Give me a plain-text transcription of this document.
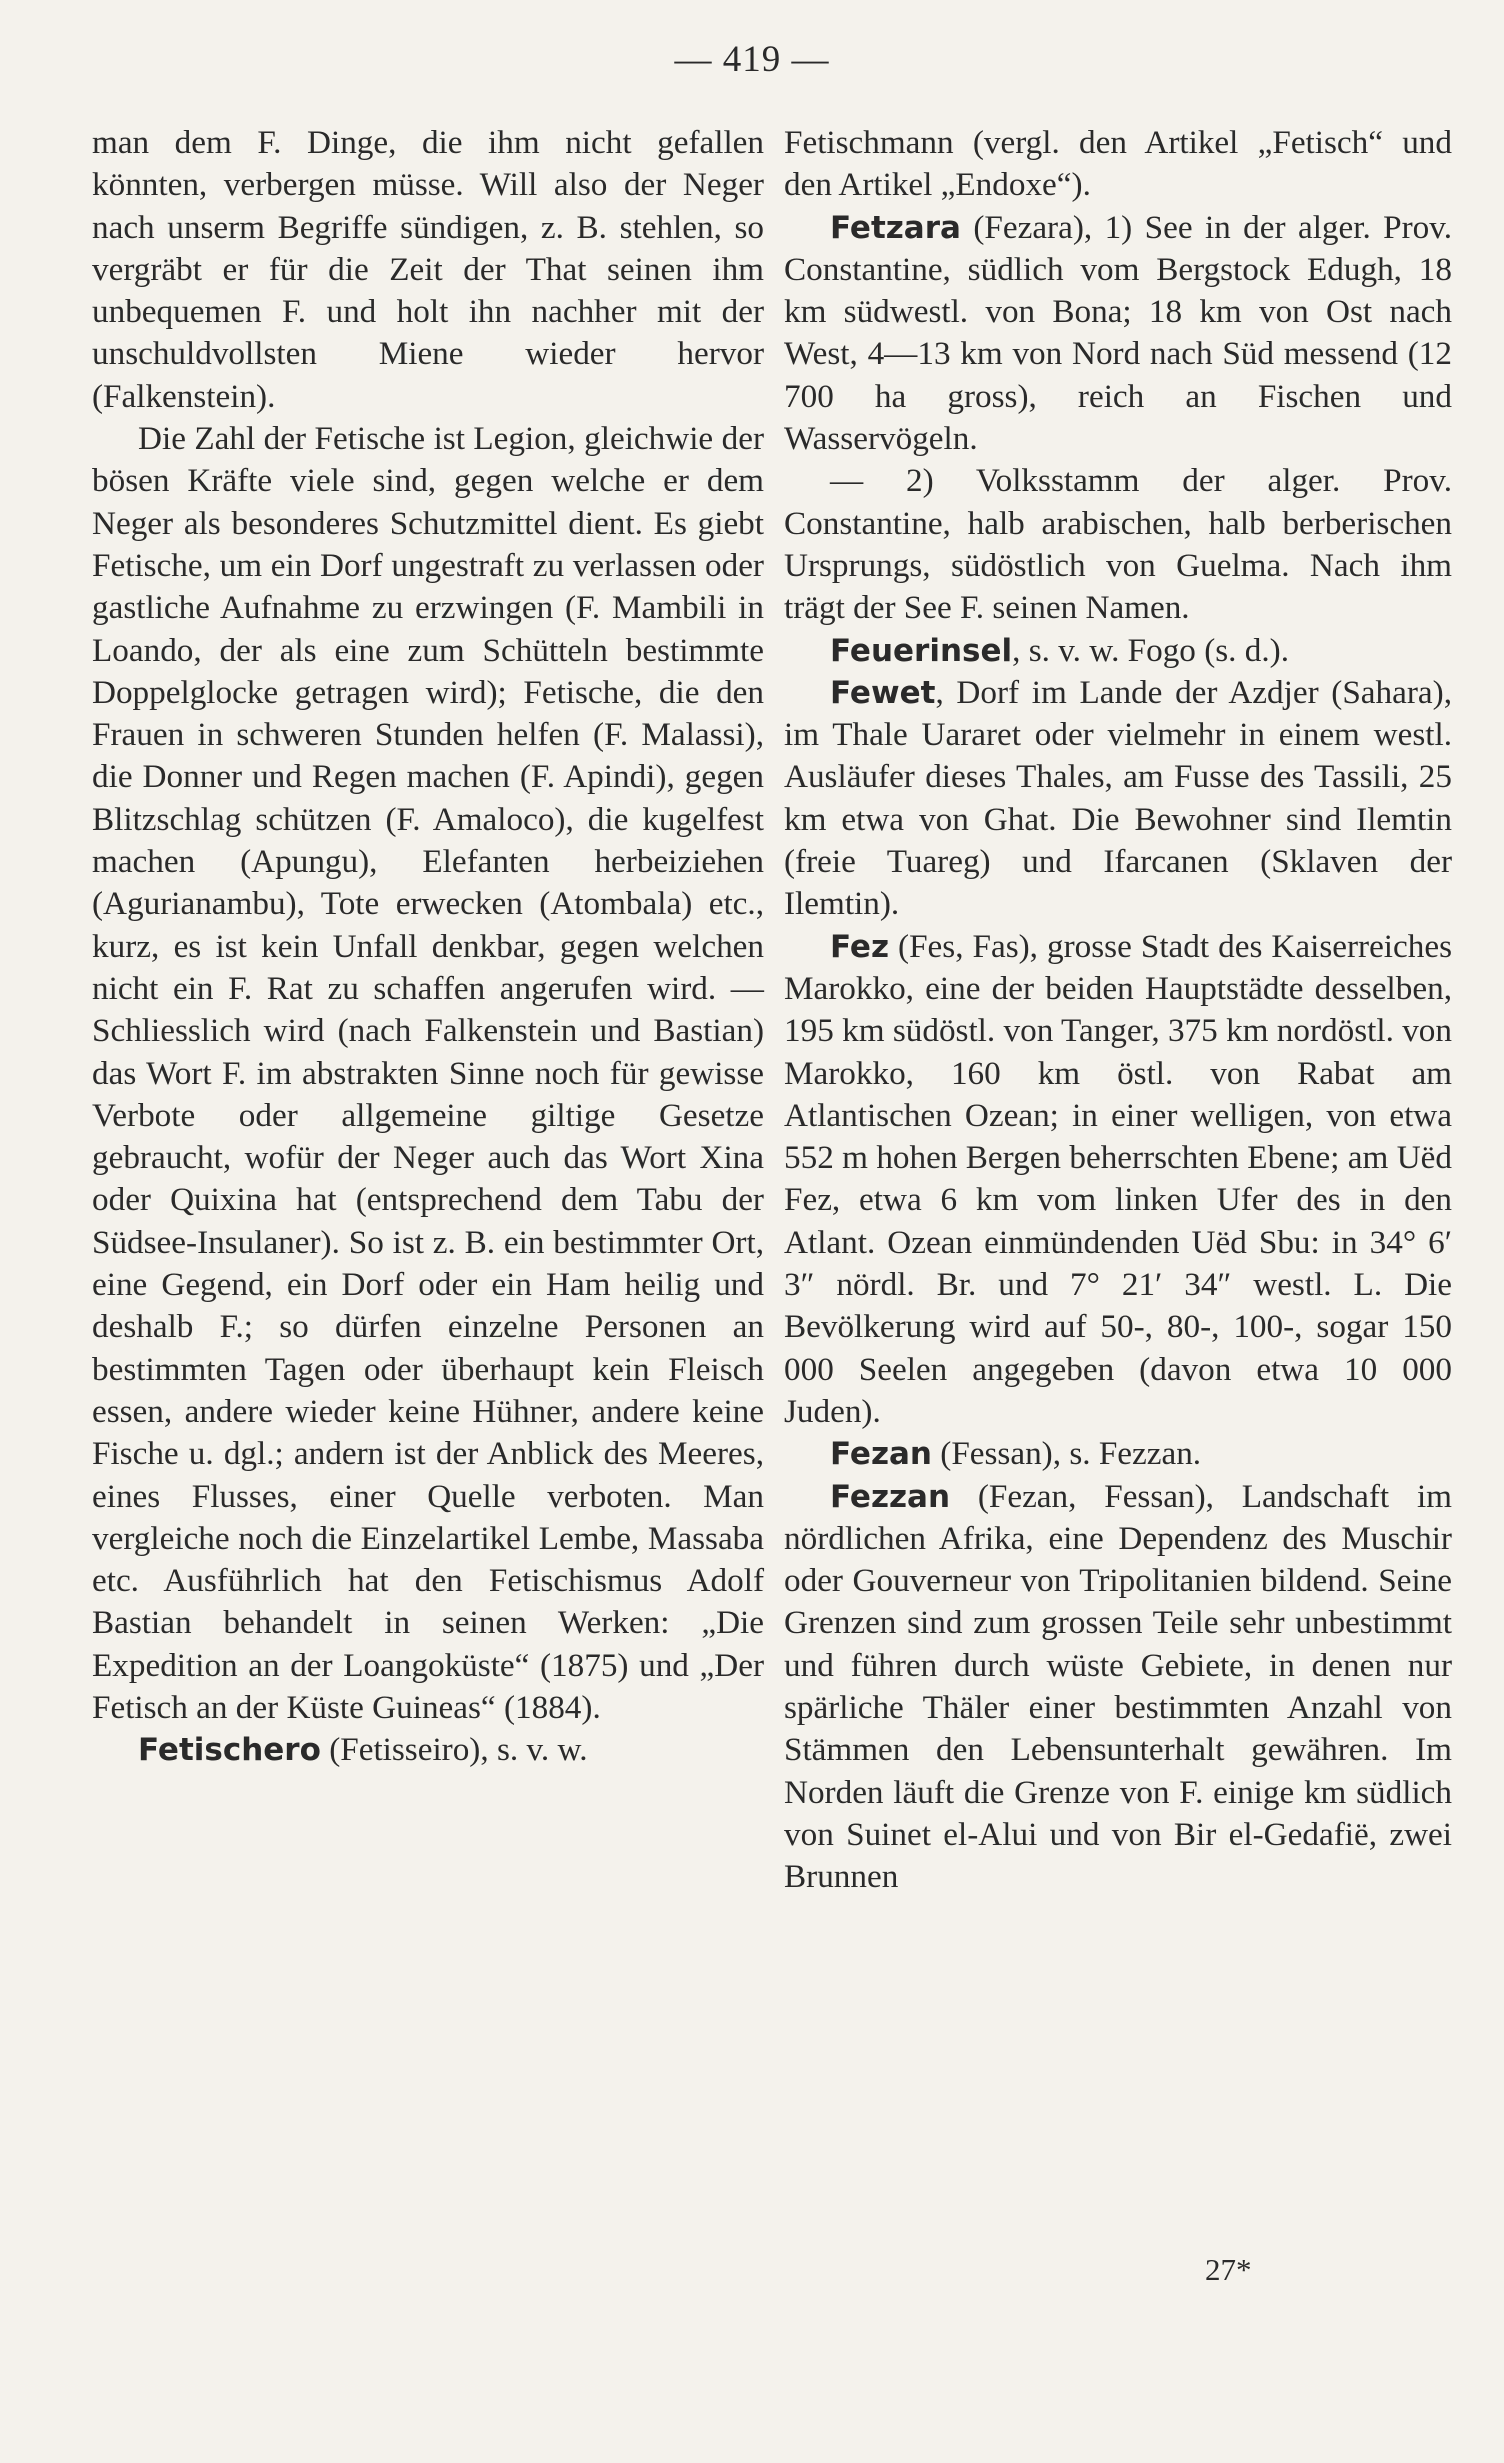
— 419 —

man dem F. Dinge, die ihm nicht gefallen könnten, verbergen müsse. Will also der Neger nach unserm Begriffe sündigen, z. B. stehlen, so vergräbt er für die Zeit der That seinen ihm unbequemen F. und holt ihn nachher mit der unschuldvollsten Miene wieder hervor (Falkenstein).

Die Zahl der Fetische ist Legion, gleichwie der bösen Kräfte viele sind, gegen welche er dem Neger als besonderes Schutzmittel dient. Es giebt Fetische, um ein Dorf ungestraft zu verlassen oder gastliche Aufnahme zu erzwingen (F. Mambili in Loando, der als eine zum Schütteln bestimmte Doppelglocke getragen wird); Fetische, die den Frauen in schweren Stunden helfen (F. Malassi), die Donner und Regen machen (F. Apindi), gegen Blitzschlag schützen (F. Amaloco), die kugelfest machen (Apungu), Elefanten herbeiziehen (Agurianambu), Tote erwecken (Atombala) etc., kurz, es ist kein Unfall denkbar, gegen welchen nicht ein F. Rat zu schaffen angerufen wird. — Schliesslich wird (nach Falkenstein und Bastian) das Wort F. im abstrakten Sinne noch für gewisse Verbote oder allgemeine giltige Gesetze gebraucht, wofür der Neger auch das Wort Xina oder Quixina hat (entsprechend dem Tabu der Südsee-Insulaner). So ist z. B. ein bestimmter Ort, eine Gegend, ein Dorf oder ein Ham heilig und deshalb F.; so dürfen einzelne Personen an bestimmten Tagen oder überhaupt kein Fleisch essen, andere wieder keine Hühner, andere keine Fische u. dgl.; andern ist der Anblick des Meeres, eines Flusses, einer Quelle verboten. Man vergleiche noch die Einzelartikel Lembe, Massaba etc. Ausführlich hat den Fetischismus Adolf Bastian behandelt in seinen Werken: „Die Expedition an der Loangoküste“ (1875) und „Der Fetisch an der Küste Guineas“ (1884).

Fetischero (Fetisseiro), s. v. w.

Fetischmann (vergl. den Artikel „Fetisch“ und den Artikel „Endoxe“).

Fetzara (Fezara), 1) See in der alger. Prov. Constantine, südlich vom Bergstock Edugh, 18 km südwestl. von Bona; 18 km von Ost nach West, 4—13 km von Nord nach Süd messend (12 700 ha gross), reich an Fischen und Wasservögeln.

— 2) Volksstamm der alger. Prov. Constantine, halb arabischen, halb berberischen Ursprungs, südöstlich von Guelma. Nach ihm trägt der See F. seinen Namen.

Feuerinsel, s. v. w. Fogo (s. d.).

Fewet, Dorf im Lande der Azdjer (Sahara), im Thale Uararet oder vielmehr in einem westl. Ausläufer dieses Thales, am Fusse des Tassili, 25 km etwa von Ghat. Die Bewohner sind Ilemtin (freie Tuareg) und Ifarcanen (Sklaven der Ilemtin).

Fez (Fes, Fas), grosse Stadt des Kaiserreiches Marokko, eine der beiden Hauptstädte desselben, 195 km südöstl. von Tanger, 375 km nordöstl. von Marokko, 160 km östl. von Rabat am Atlantischen Ozean; in einer welligen, von etwa 552 m hohen Bergen beherrschten Ebene; am Uëd Fez, etwa 6 km vom linken Ufer des in den Atlant. Ozean einmündenden Uëd Sbu: in 34° 6′ 3″ nördl. Br. und 7° 21′ 34″ westl. L. Die Bevölkerung wird auf 50-, 80-, 100-, sogar 150 000 Seelen angegeben (davon etwa 10 000 Juden).

Fezan (Fessan), s. Fezzan.

Fezzan (Fezan, Fessan), Landschaft im nördlichen Afrika, eine Dependenz des Muschir oder Gouverneur von Tripolitanien bildend. Seine Grenzen sind zum grossen Teile sehr unbestimmt und führen durch wüste Gebiete, in denen nur spärliche Thäler einer bestimmten Anzahl von Stämmen den Lebensunterhalt gewähren. Im Norden läuft die Grenze von F. einige km südlich von Suinet el-Alui und von Bir el-Gedafië, zwei Brunnen

27*
